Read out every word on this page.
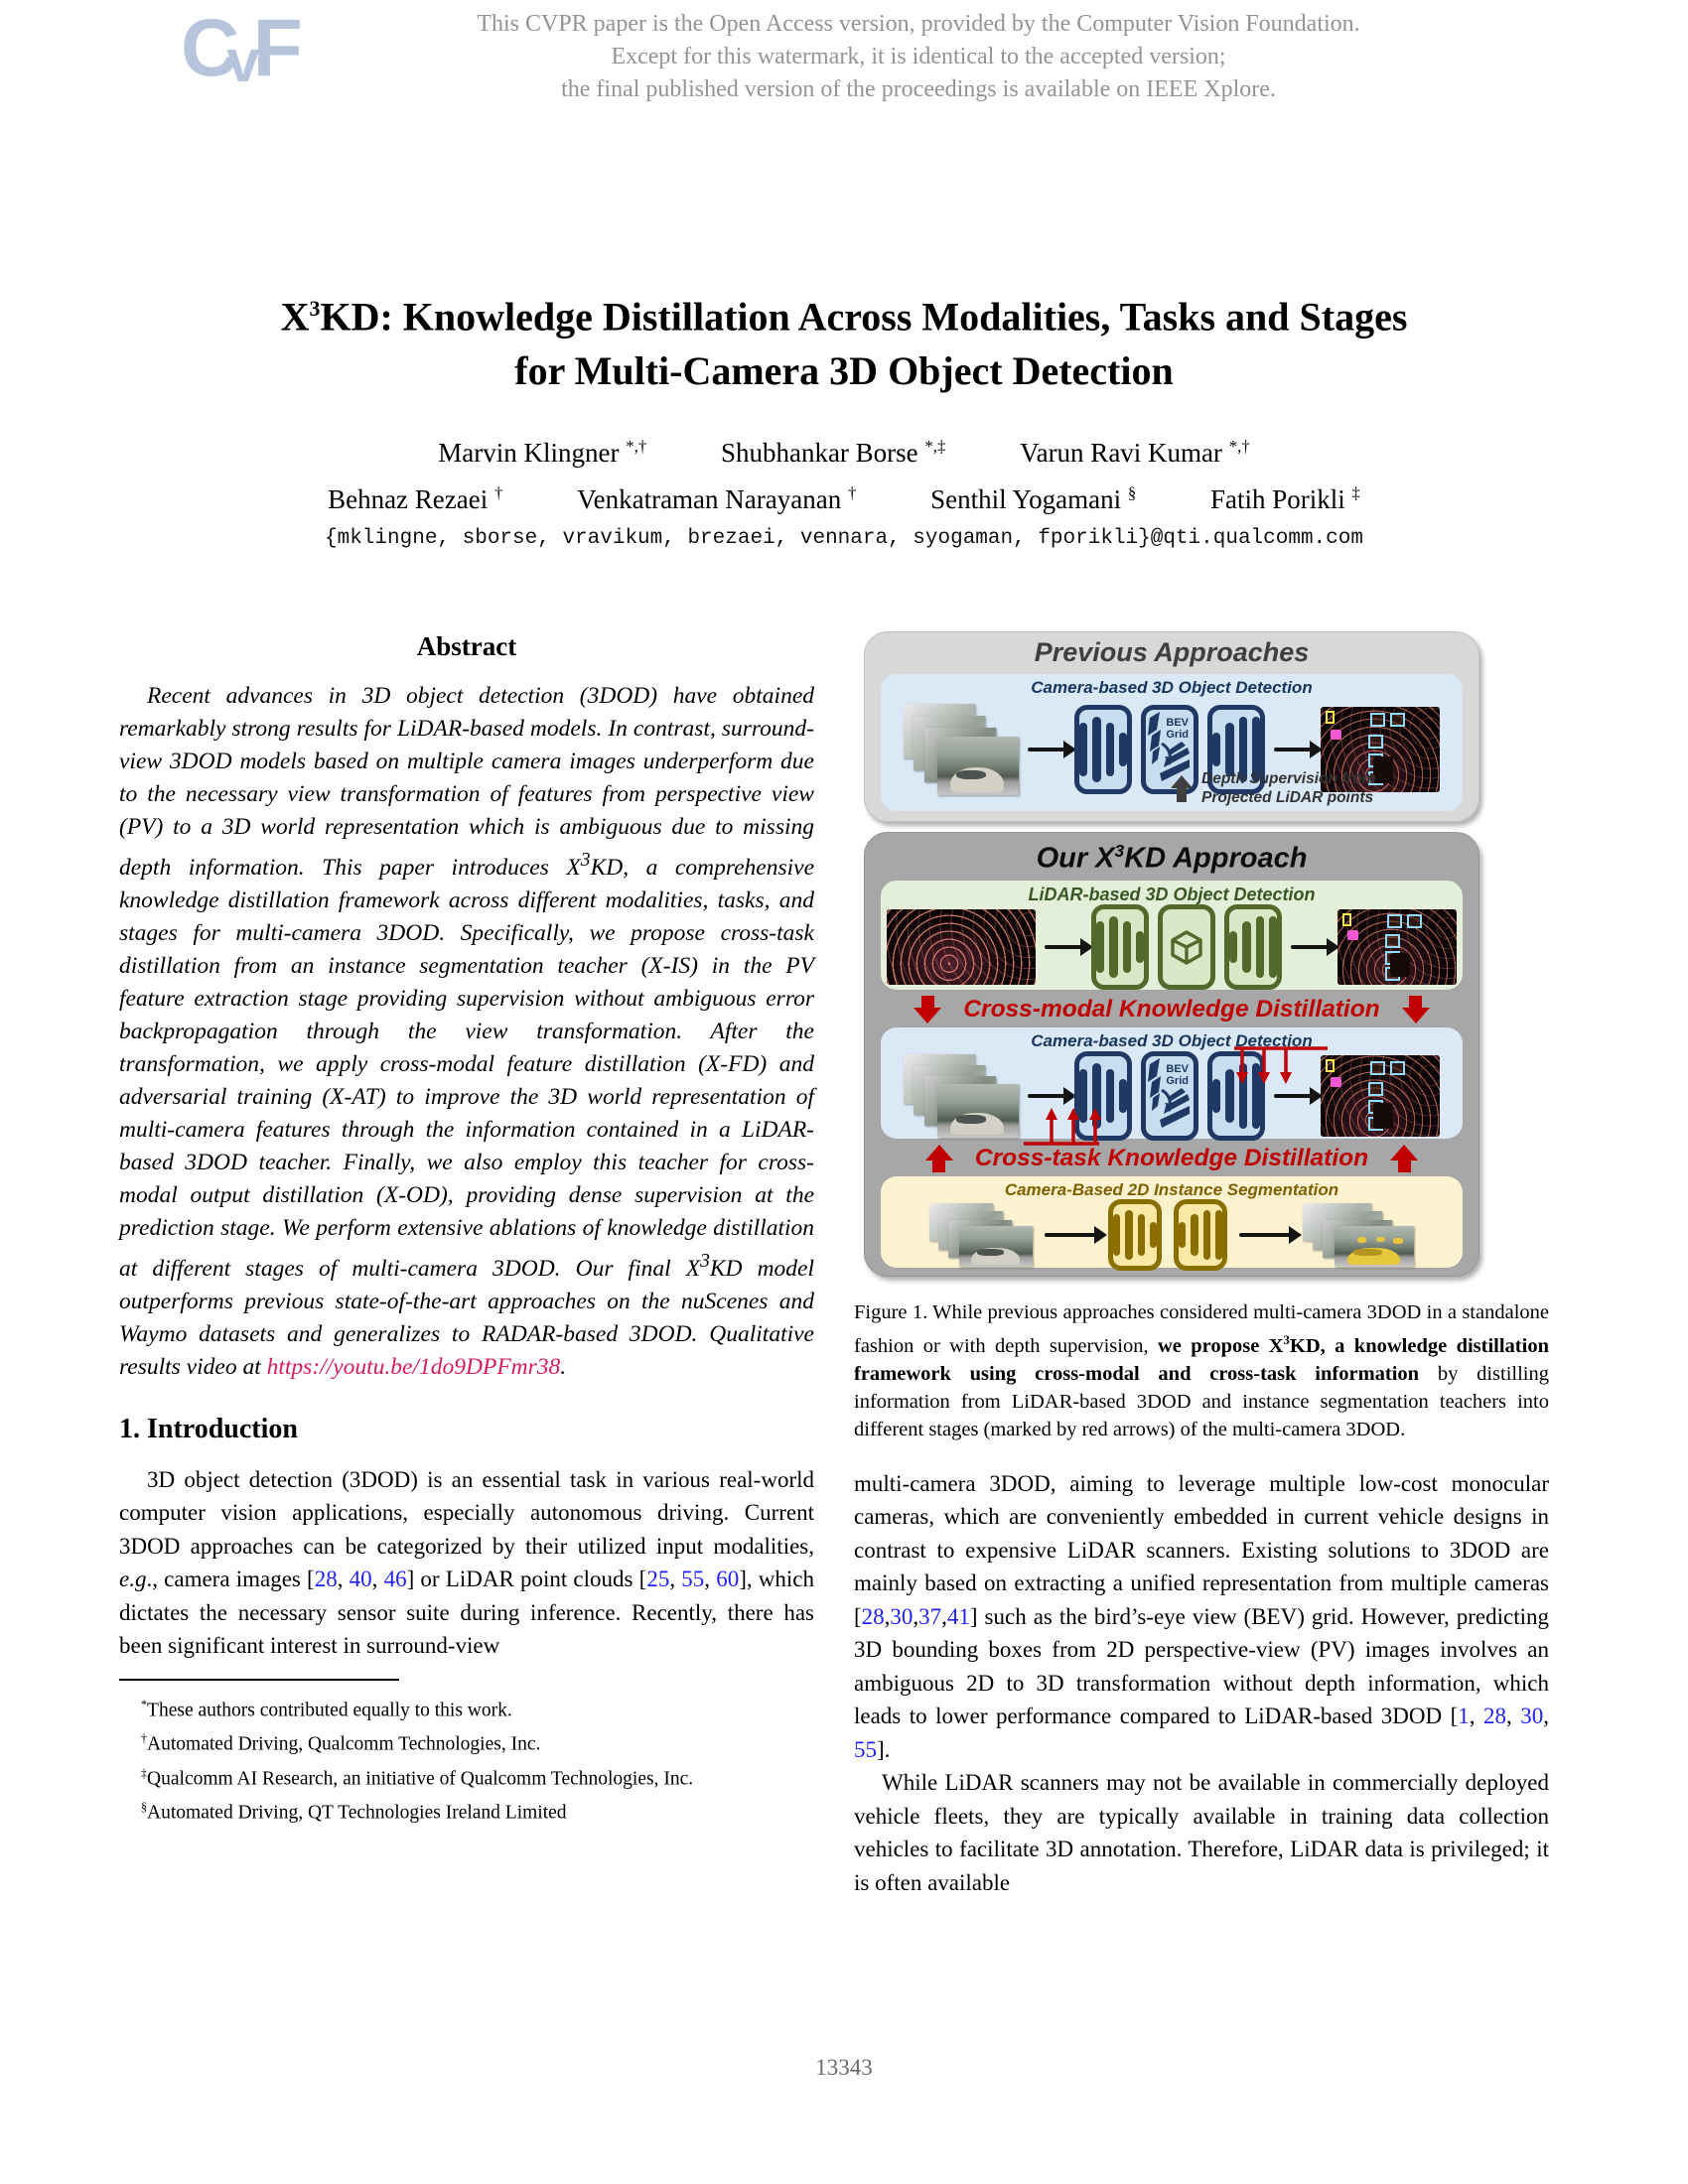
CvF	This CVPR paper is the Open Access version, provided by the Computer Vision Foundation.
Except for this watermark, it is identical to the accepted version;
the final published version of the proceedings is available on IEEE Xplore.
$X^3KD$: Knowledge Distillation Across Modalities, Tasks and Stages
for Multi-Camera 3D Object Detection
Marvin Klingner *,†	Shubhankar Borse *,‡	Varun Ravi Kumar *,†
Behnaz Rezaei †	Venkatraman Narayanan †	Senthil Yogamani §	Fatih Porikli ‡
{mklingne, sborse, vravikum, brezaei, vennara, syogaman, fporikli}@qti.qualcomm.com
Abstract

Recent advances in 3D object detection (3DOD) have obtained remarkably strong results for LiDAR-based models. In contrast, surround-view 3DOD models based on multiple camera images underperform due to the necessary view transformation of features from perspective view (PV) to a 3D world representation which is ambiguous due to missing depth information. This paper introduces $X^3KD$, a comprehensive knowledge distillation framework across different modalities, tasks, and stages for multi-camera 3DOD. Specifically, we propose cross-task distillation from an instance segmentation teacher (X-IS) in the PV feature extraction stage providing supervision without ambiguous error backpropagation through the view transformation. After the transformation, we apply cross-modal feature distillation (X-FD) and adversarial training (X-AT) to improve the 3D world representation of multi-camera features through the information contained in a LiDAR-based 3DOD teacher. Finally, we also employ this teacher for cross-modal output distillation (X-OD), providing dense supervision at the prediction stage. We perform extensive ablations of knowledge distillation at different stages of multi-camera 3DOD. Our final $X^3KD$ model outperforms previous state-of-the-art approaches on the nuScenes and Waymo datasets and generalizes to RADAR-based 3DOD. Qualitative results video at https://youtu.be/1do9DPFmr38.

1. Introduction

3D object detection (3DOD) is an essential task in various real-world computer vision applications, especially autonomous driving. Current 3DOD approaches can be categorized by their utilized input modalities, e.g., camera images [28, 40, 46] or LiDAR point clouds [25, 55, 60], which dictates the necessary sensor suite during inference. Recently, there has been significant interest in surround-view

*These authors contributed equally to this work.
†Automated Driving, Qualcomm Technologies, Inc.
‡Qualcomm AI Research, an initiative of Qualcomm Technologies, Inc.
§Automated Driving, QT Technologies Ireland Limited
Previous Approaches
Camera-based 3D Object Detection
BEV
Grid
Depth Supervision from
Projected LiDAR points
Our $X^3KD$ Approach
LiDAR-based 3D Object Detection
Cross-modal Knowledge Distillation
Camera-based 3D Object Detection
BEV
Grid
Cross-task Knowledge Distillation
Camera-Based 2D Instance Segmentation

Figure 1. While previous approaches considered multi-camera 3DOD in a standalone fashion or with depth supervision, we propose $X^3KD$, a knowledge distillation framework using cross-modal and cross-task information by distilling information from LiDAR-based 3DOD and instance segmentation teachers into different stages (marked by red arrows) of the multi-camera 3DOD.

multi-camera 3DOD, aiming to leverage multiple low-cost monocular cameras, which are conveniently embedded in current vehicle designs in contrast to expensive LiDAR scanners. Existing solutions to 3DOD are mainly based on extracting a unified representation from multiple cameras [28,30,37,41] such as the bird’s-eye view (BEV) grid. However, predicting 3D bounding boxes from 2D perspective-view (PV) images involves an ambiguous 2D to 3D transformation without depth information, which leads to lower performance compared to LiDAR-based 3DOD [1, 28, 30, 55].

While LiDAR scanners may not be available in commercially deployed vehicle fleets, they are typically available in training data collection vehicles to facilitate 3D annotation. Therefore, LiDAR data is privileged; it is often available

13343
